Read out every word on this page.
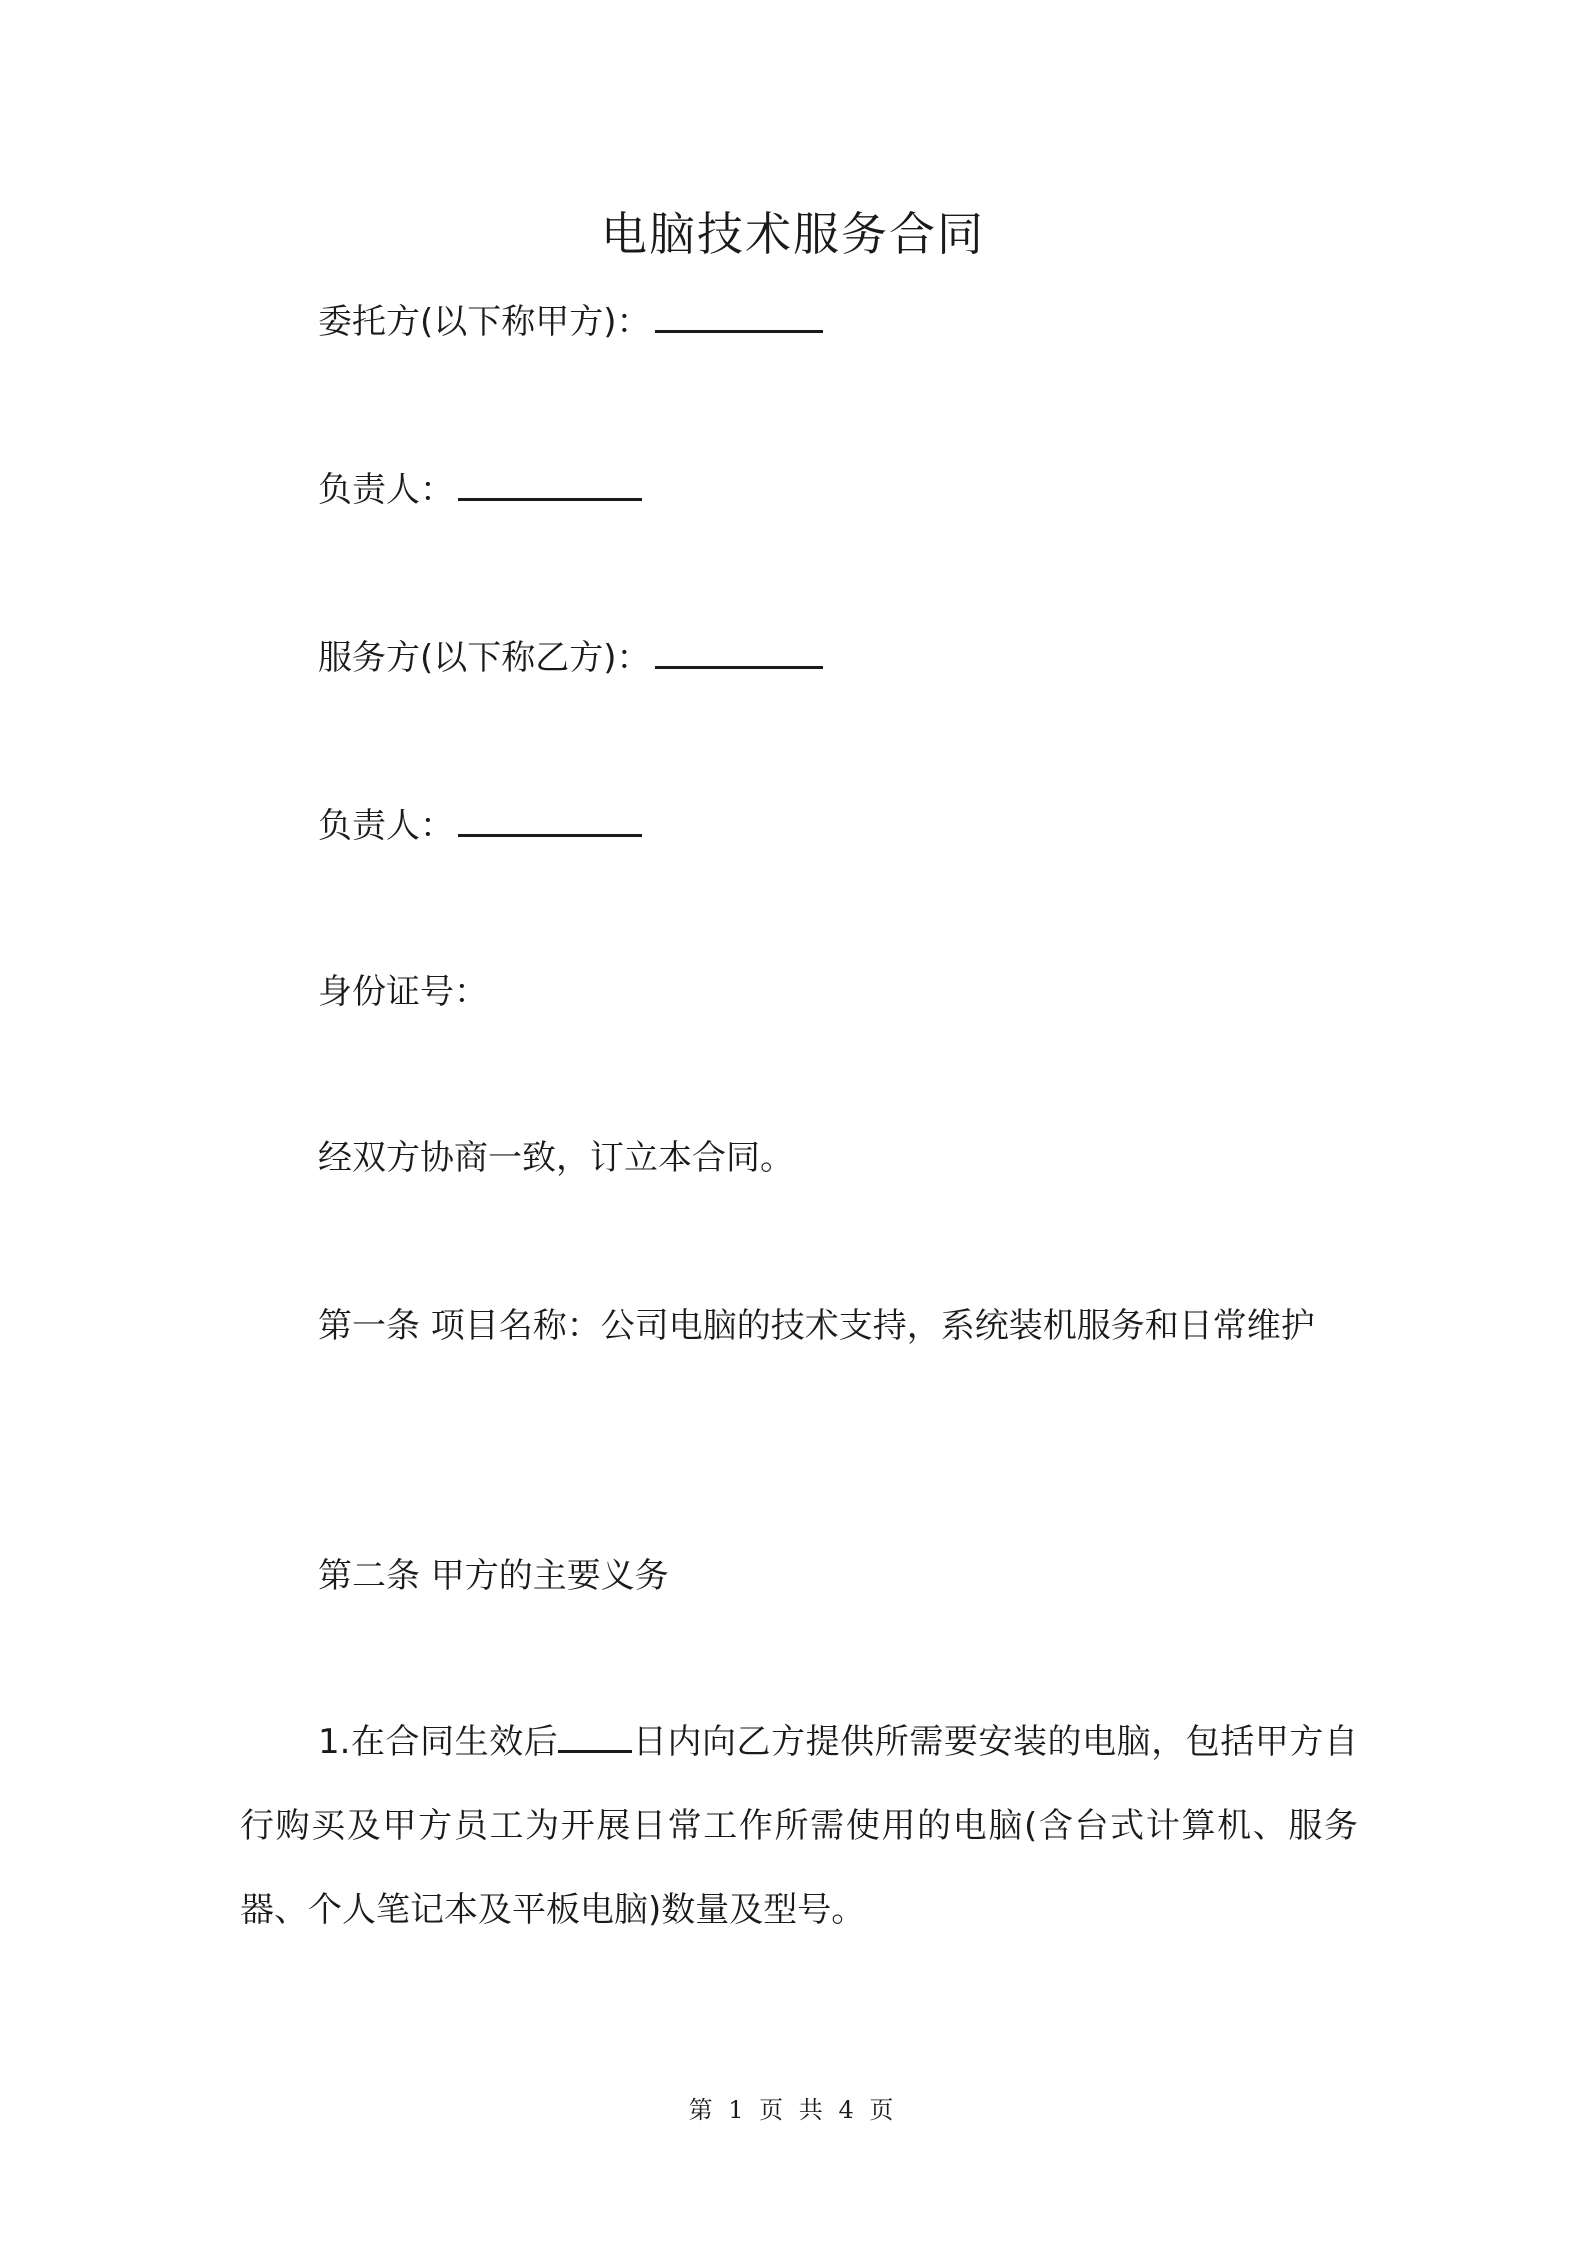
电脑技术服务合同

委托方(以下称甲方)：

负责人：

服务方(以下称乙方)：

负责人：

身份证号：

经双方协商一致，订立本合同。

第一条 项目名称：公司电脑的技术支持，系统装机服务和日常维护

第二条 甲方的主要义务

1.在合同生效后 日内向乙方提供所需要安装的电脑，包括甲方自行购买及甲方员工为开展日常工作所需使用的电脑(含台式计算机、服务器、个人笔记本及平板电脑)数量及型号。

第 1 页 共 4 页
